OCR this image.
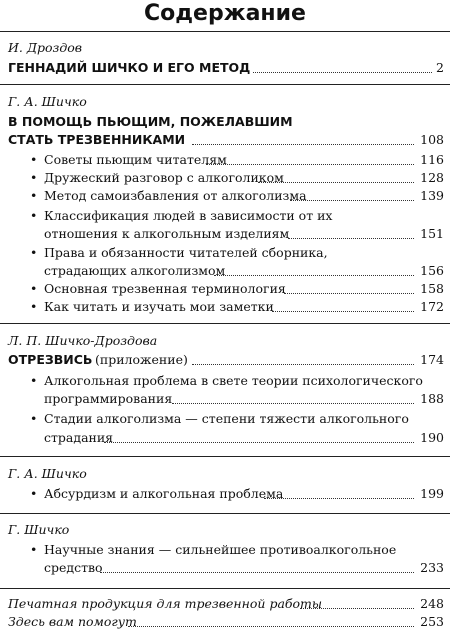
Содержание
И. Дроздов
ГЕННАДИЙ ШИЧКО И ЕГО МЕТОД	2
Г. А. Шичко
В ПОМОЩЬ ПЬЮЩИМ, ПОЖЕЛАВШИМ
СТАТЬ ТРЕЗВЕННИКАМИ	108
• Советы пьющим читателям	116
• Дружеский разговор с алкоголиком	128
• Метод самоизбавления от алкоголизма	139
• Классификация людей в зависимости от их
отношения к алкогольным изделиям	151
• Права и обязанности читателей сборника,
страдающих алкоголизмом	156
• Основная трезвенная терминология	158
• Как читать и изучать мои заметки	172
Л. П. Шичко-Дроздова
ОТРЕЗВИСЬ (приложение)	174
• Алкогольная проблема в свете теории психологического
программирования	188
• Стадии алкоголизма — степени тяжести алкогольного
страдания	190
Г. А. Шичко
• Абсурдизм и алкогольная проблема	199
Г. Шичко
• Научные знания — сильнейшее противоалкогольное
средство	233
Печатная продукция для трезвенной работы	248
Здесь вам помогут	253
